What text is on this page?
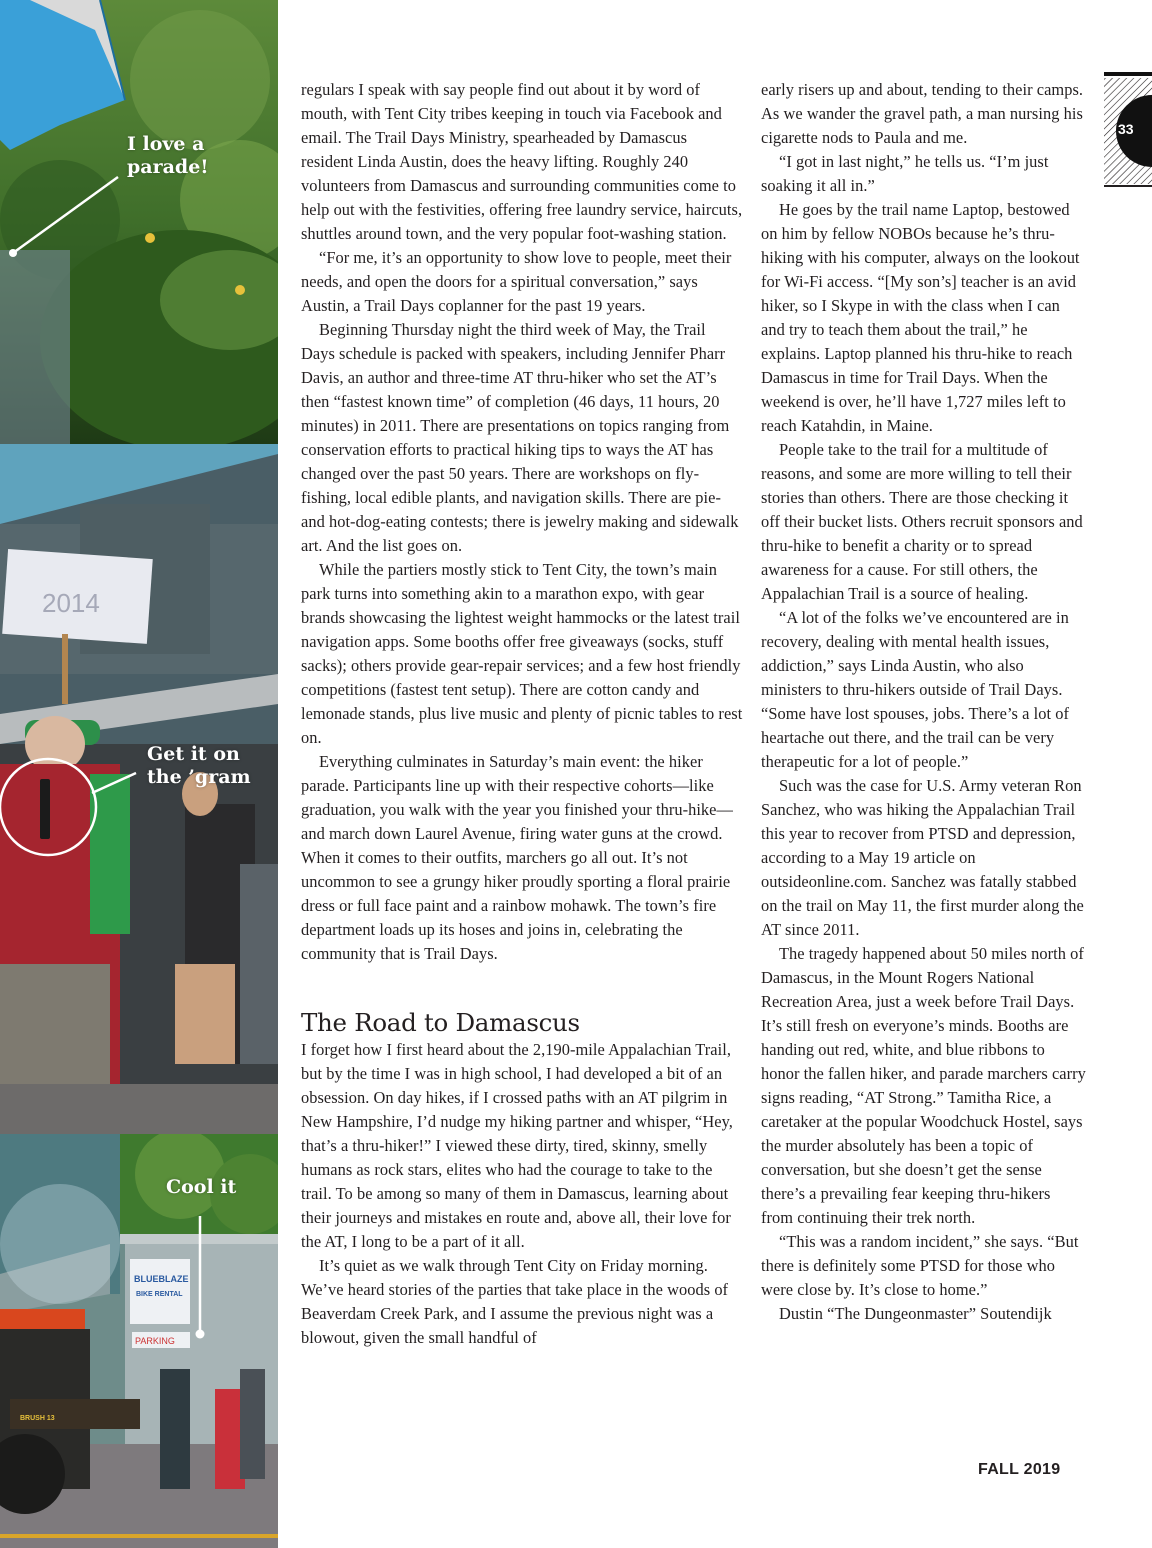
I love a
parade!
2014
Get it on
the ’gram
BLUEBLAZE
BIKE RENTAL
PARKING
BRUSH 13
Cool it

regulars I speak with say people find out about it by word of mouth, with Tent City tribes keeping in touch via Facebook and email. The Trail Days Ministry, spearheaded by Damascus resident Linda Austin, does the heavy lifting. Roughly 240 volunteers from Damascus and surrounding communities come to help out with the festivities, offering free laundry service, haircuts, shuttles around town, and the very popular foot-washing station.

“For me, it’s an opportunity to show love to people, meet their needs, and open the doors for a spiritual conversation,” says Austin, a Trail Days coplanner for the past 19 years.

Beginning Thursday night the third week of May, the Trail Days schedule is packed with speakers, including Jennifer Pharr Davis, an author and three-time AT thru-hiker who set the AT’s then “fastest known time” of completion (46 days, 11 hours, 20 minutes) in 2011. There are presentations on topics ranging from conservation efforts to practical hiking tips to ways the AT has changed over the past 50 years. There are workshops on fly-fishing, local edible plants, and navigation skills. There are pie- and hot-dog-eating contests; there is jewelry making and sidewalk art. And the list goes on.

While the partiers mostly stick to Tent City, the town’s main park turns into something akin to a marathon expo, with gear brands showcasing the lightest weight hammocks or the latest trail navigation apps. Some booths offer free giveaways (socks, stuff sacks); others provide gear-repair services; and a few host friendly competitions (fastest tent setup). There are cotton candy and lemonade stands, plus live music and plenty of picnic tables to rest on.

Everything culminates in Saturday’s main event: the hiker parade. Participants line up with their respective cohorts—like graduation, you walk with the year you finished your thru-hike—and march down Laurel Avenue, firing water guns at the crowd. When it comes to their outfits, marchers go all out. It’s not uncommon to see a grungy hiker proudly sporting a floral prairie dress or full face paint and a rainbow mohawk. The town’s fire department loads up its hoses and joins in, celebrating the community that is Trail Days.

The Road to Damascus

I forget how I first heard about the 2,190-mile Appalachian Trail, but by the time I was in high school, I had developed a bit of an obsession. On day hikes, if I crossed paths with an AT pilgrim in New Hampshire, I’d nudge my hiking partner and whisper, “Hey, that’s a thru-hiker!” I viewed these dirty, tired, skinny, smelly humans as rock stars, elites who had the courage to take to the trail. To be among so many of them in Damascus, learning about their journeys and mistakes en route and, above all, their love for the AT, I long to be a part of it all.

It’s quiet as we walk through Tent City on Friday morning. We’ve heard stories of the parties that take place in the woods of Beaverdam Creek Park, and I assume the previous night was a blowout, given the small handful of

early risers up and about, tending to their camps. As we wander the gravel path, a man nursing his cigarette nods to Paula and me.

“I got in last night,” he tells us. “I’m just soaking it all in.”

He goes by the trail name Laptop, bestowed on him by fellow NOBOs because he’s thru-hiking with his computer, always on the lookout for Wi-Fi access. “[My son’s] teacher is an avid hiker, so I Skype in with the class when I can and try to teach them about the trail,” he explains. Laptop planned his thru-hike to reach Damascus in time for Trail Days. When the weekend is over, he’ll have 1,727 miles left to reach Katahdin, in Maine.

People take to the trail for a multitude of reasons, and some are more willing to tell their stories than others. There are those checking it off their bucket lists. Others recruit sponsors and thru-hike to benefit a charity or to spread awareness for a cause. For still others, the Appalachian Trail is a source of healing.

“A lot of the folks we’ve encountered are in recovery, dealing with mental health issues, addiction,” says Linda Austin, who also ministers to thru-hikers outside of Trail Days. “Some have lost spouses, jobs. There’s a lot of heartache out there, and the trail can be very therapeutic for a lot of people.”

Such was the case for U.S. Army veteran Ron Sanchez, who was hiking the Appalachian Trail this year to recover from PTSD and depression, according to a May 19 article on outsideonline.com. Sanchez was fatally stabbed on the trail on May 11, the first murder along the AT since 2011.

The tragedy happened about 50 miles north of Damascus, in the Mount Rogers National Recreation Area, just a week before Trail Days. It’s still fresh on everyone’s minds. Booths are handing out red, white, and blue ribbons to honor the fallen hiker, and parade marchers carry signs reading, “AT Strong.” Tamitha Rice, a caretaker at the popular Woodchuck Hostel, says the murder absolutely has been a topic of conversation, but she doesn’t get the sense there’s a prevailing fear keeping thru-hikers from continuing their trek north.

“This was a random incident,” she says. “But there is definitely some PTSD for those who were close by. It’s close to home.”

Dustin “The Dungeonmaster” Soutendijk

33
FALL 2019
